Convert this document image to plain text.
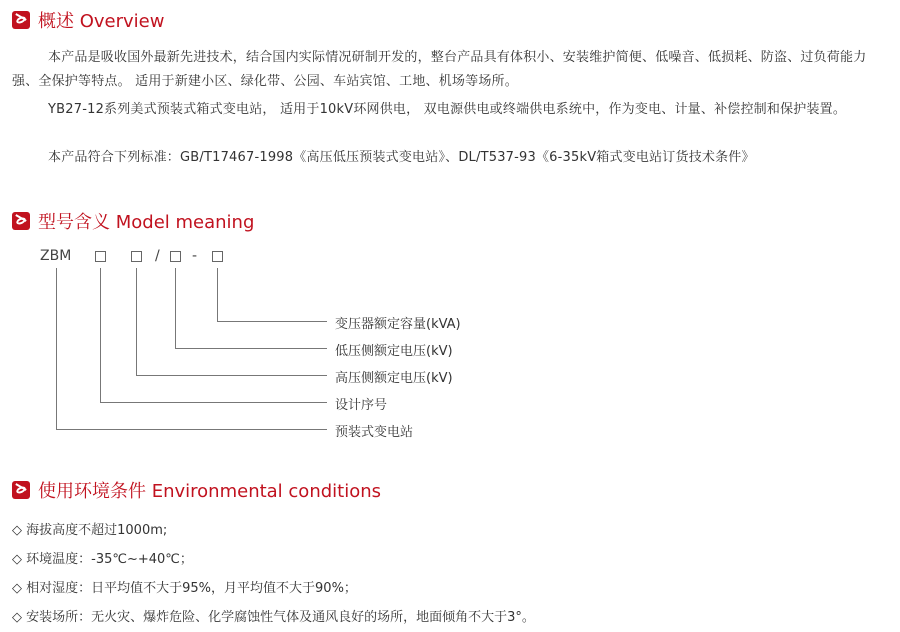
概述 Overview

本产品是吸收国外最新先进技术，结合国内实际情况研制开发的，整台产品具有体积小、安装维护简便、低噪音、低损耗、防盗、过负荷能力强、全保护等特点。 适用于新建小区、绿化带、公园、车站宾馆、工地、机场等场所。

YB27-12系列美式预装式箱式变电站， 适用于10kV环网供电， 双电源供电或终端供电系统中，作为变电、计量、补偿控制和保护装置。

本产品符合下列标准：GB/T17467-1998《高压低压预装式变电站》、DL/T537-93《6-35kV箱式变电站订货技术条件》

型号含义 Model meaning
ZBM	/ -
变压器额定容量(kVA)
低压侧额定电压(kV)
高压侧额定电压(kV)
设计序号
预装式变电站
使用环境条件 Environmental conditions
◇ 海拔高度不超过1000m;
◇ 环境温度：-35℃~+40℃；
◇ 相对湿度：日平均值不大于95%，月平均值不大于90%；
◇ 安装场所：无火灾、爆炸危险、化学腐蚀性气体及通风良好的场所，地面倾角不大于3°。
